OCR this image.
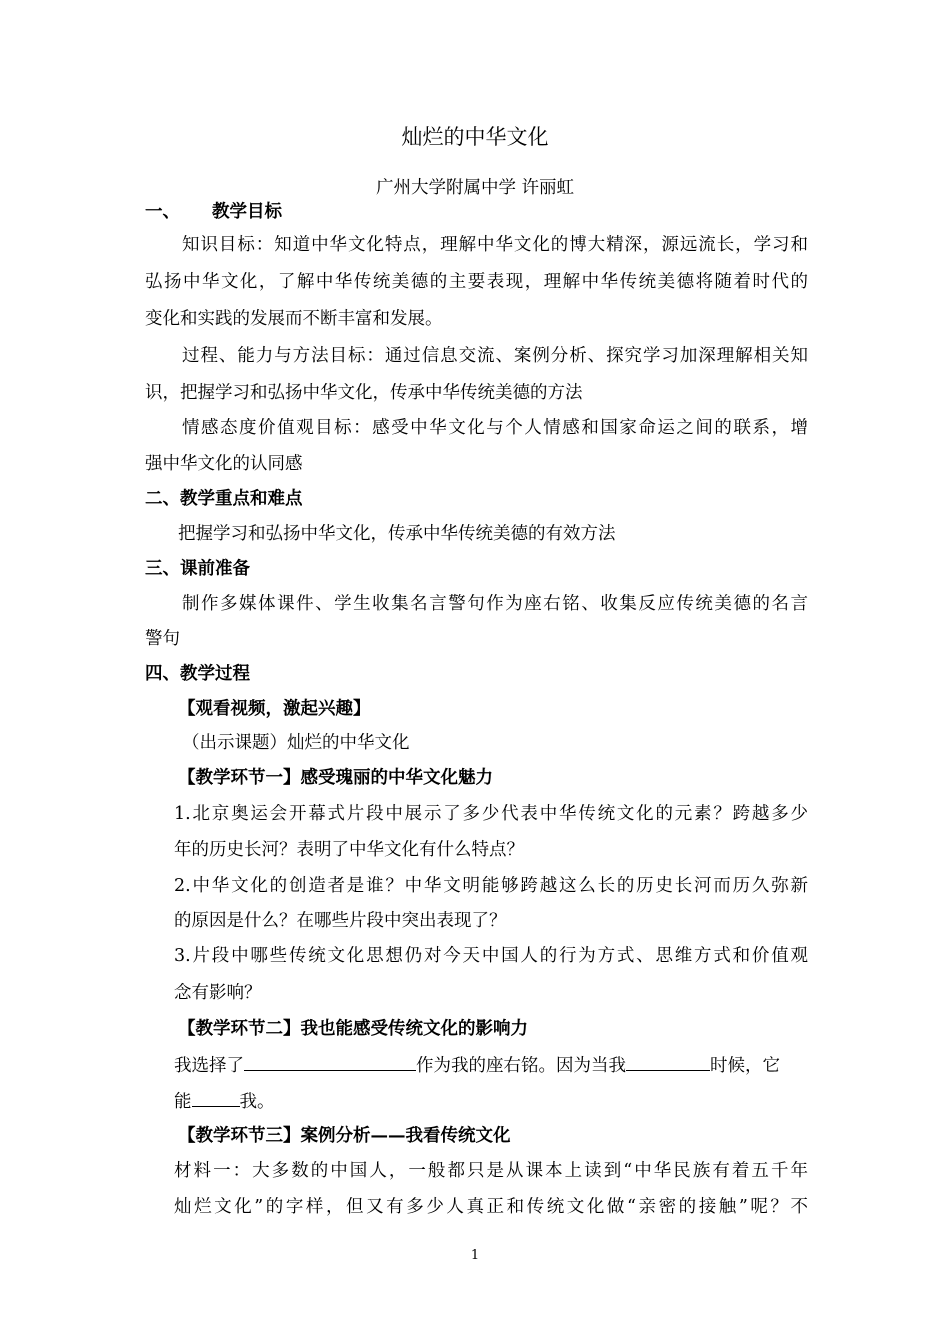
灿烂的中华文化
广州大学附属中学 许丽虹
一、 教学目标
知识目标：知道中华文化特点，理解中华文化的博大精深，源远流长，学习和
弘扬中华文化，了解中华传统美德的主要表现，理解中华传统美德将随着时代的
变化和实践的发展而不断丰富和发展。
过程、能力与方法目标：通过信息交流、案例分析、探究学习加深理解相关知
识，把握学习和弘扬中华文化，传承中华传统美德的方法
情感态度价值观目标：感受中华文化与个人情感和国家命运之间的联系，增
强中华文化的认同感
二、教学重点和难点
把握学习和弘扬中华文化，传承中华传统美德的有效方法
三、课前准备
制作多媒体课件、学生收集名言警句作为座右铭、收集反应传统美德的名言
警句
四、教学过程
【观看视频，激起兴趣】
（出示课题）灿烂的中华文化
【教学环节一】感受瑰丽的中华文化魅力
1.北京奥运会开幕式片段中展示了多少代表中华传统文化的元素？跨越多少
年的历史长河？表明了中华文化有什么特点？
2.中华文化的创造者是谁？中华文明能够跨越这么长的历史长河而历久弥新
的原因是什么？在哪些片段中突出表现了？
3.片段中哪些传统文化思想仍对今天中国人的行为方式、思维方式和价值观
念有影响？
【教学环节二】我也能感受传统文化的影响力
我选择了	作为我的座右铭。因为当我	时候，它
能	我。
【教学环节三】案例分析——我看传统文化
材料一：大多数的中国人，一般都只是从课本上读到“中华民族有着五千年
灿烂文化”的字样，但又有多少人真正和传统文化做“亲密的接触”呢？不
1
